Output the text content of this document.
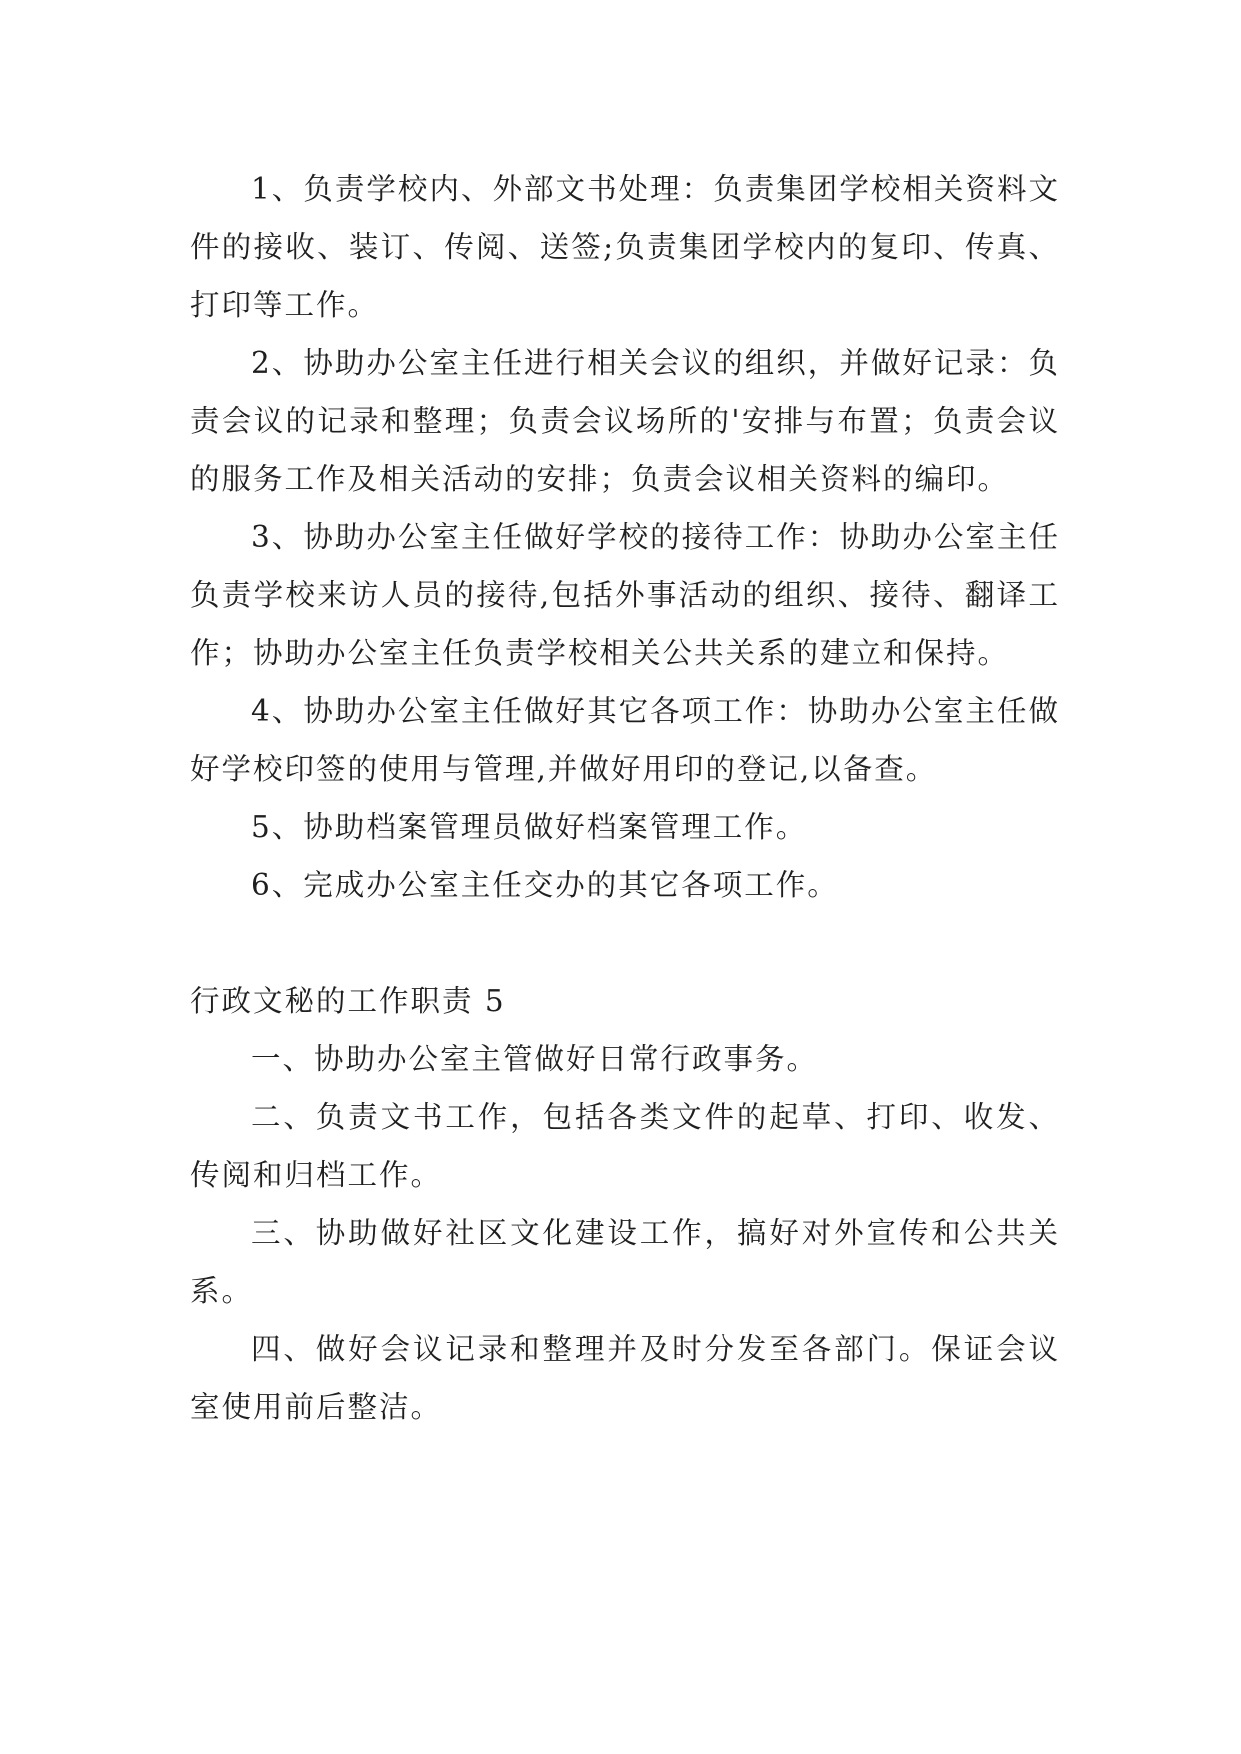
1、负责学校内、外部文书处理：负责集团学校相关资料文件的接收、装订、传阅、送签;负责集团学校内的复印、传真、打印等工作。

2、协助办公室主任进行相关会议的组织，并做好记录：负责会议的记录和整理；负责会议场所的'安排与布置；负责会议的服务工作及相关活动的安排；负责会议相关资料的编印。

3、协助办公室主任做好学校的接待工作：协助办公室主任负责学校来访人员的接待,包括外事活动的组织、接待、翻译工作；协助办公室主任负责学校相关公共关系的建立和保持。

4、协助办公室主任做好其它各项工作：协助办公室主任做好学校印签的使用与管理,并做好用印的登记,以备查。

5、协助档案管理员做好档案管理工作。

6、完成办公室主任交办的其它各项工作。

行政文秘的工作职责 5

一、协助办公室主管做好日常行政事务。

二、负责文书工作，包括各类文件的起草、打印、收发、传阅和归档工作。

三、协助做好社区文化建设工作，搞好对外宣传和公共关系。

四、做好会议记录和整理并及时分发至各部门。保证会议室使用前后整洁。
